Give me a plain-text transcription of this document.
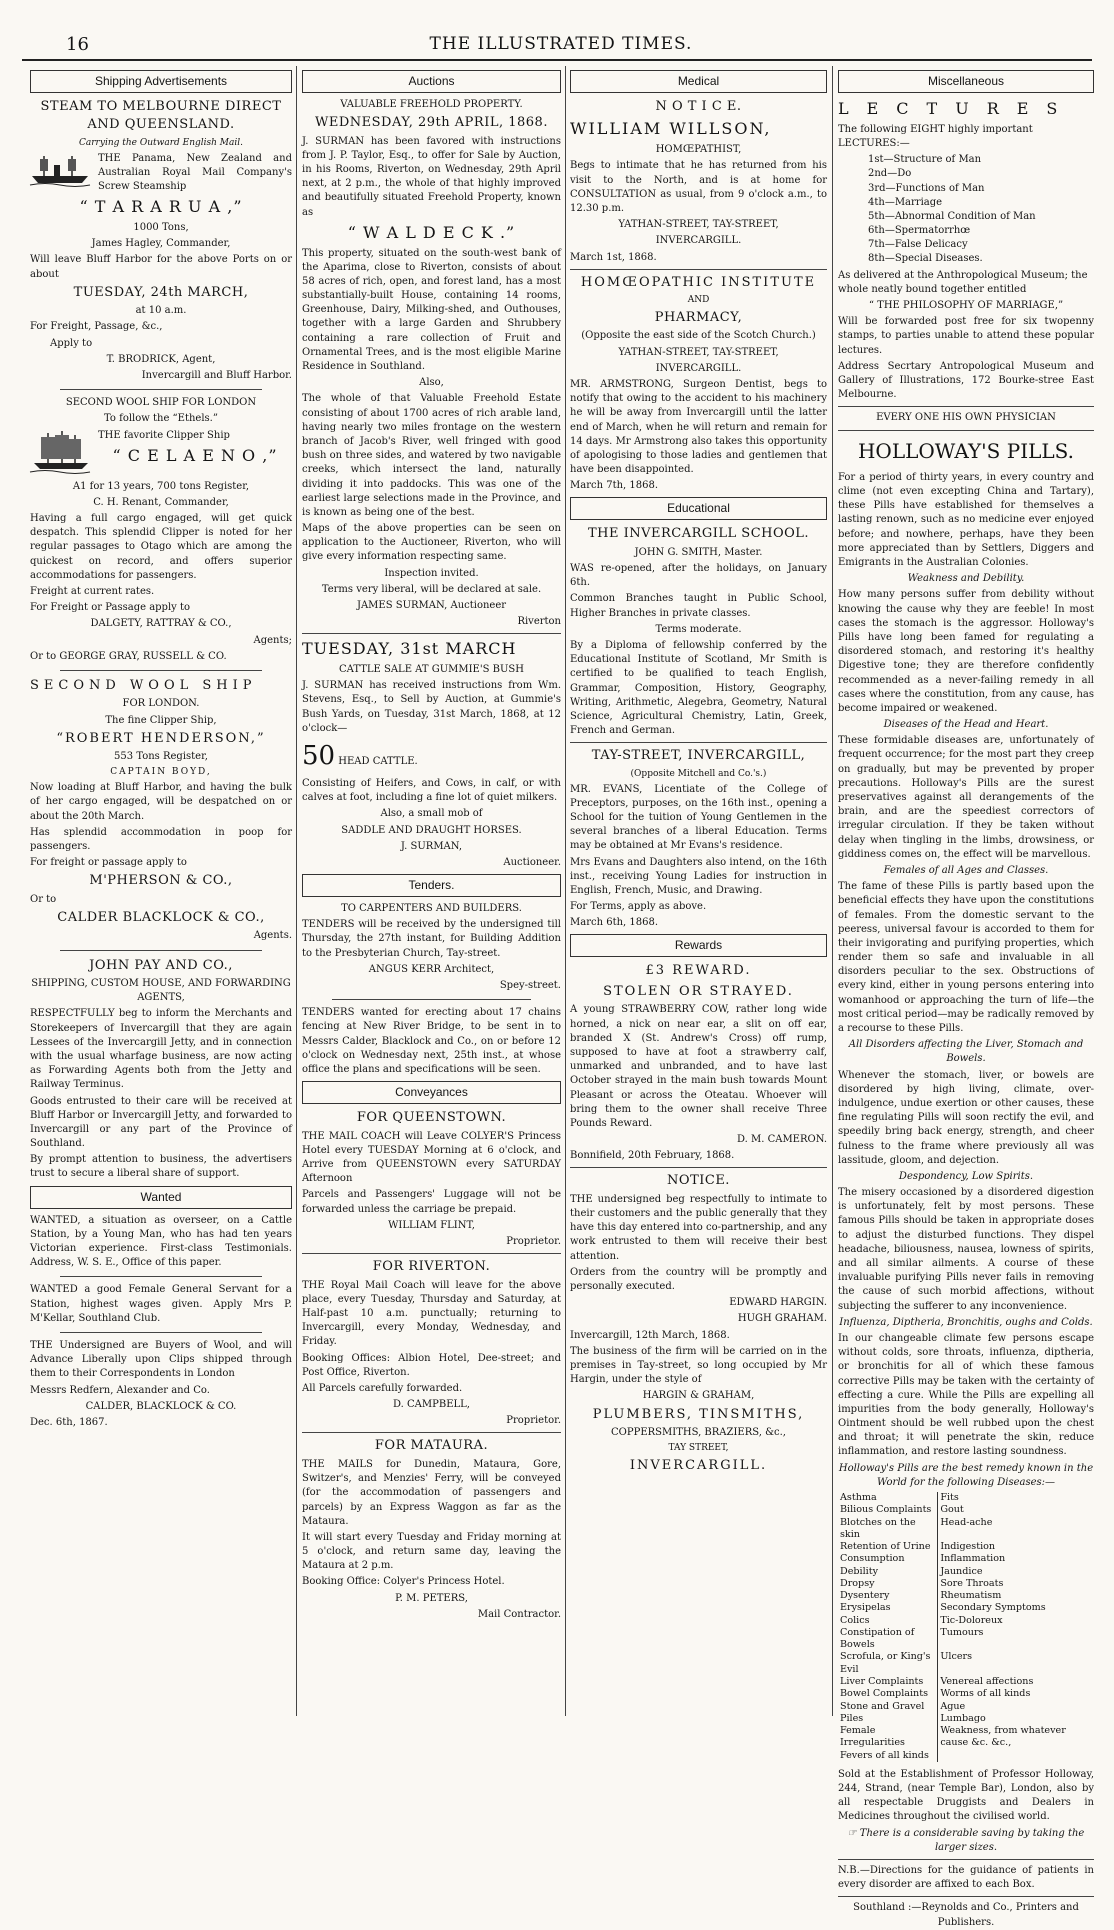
16	THE ILLUSTRATED TIMES.
Shipping Advertisements

STEAM TO MELBOURNE DIRECT AND QUEENSLAND.

Carrying the Outward English Mail.

THE Panama, New Zealand and Australian Royal Mail Company's Screw Steamship

“ T A R A R U A ,”

1000 Tons,

James Hagley, Commander,

Will leave Bluff Harbor for the above Ports on or about

TUESDAY, 24th MARCH,

at 10 a.m.

For Freight, Passage, &c.,

Apply to

T. BRODRICK, Agent,

Invercargill and Bluff Harbor.

SECOND WOOL SHIP FOR LONDON

To follow the “Ethels.”

THE favorite Clipper Ship

“ C E L A E N O ,”

A1 for 13 years, 700 tons Register,

C. H. Renant, Commander,

Having a full cargo engaged, will get quick despatch. This splendid Clipper is noted for her regular passages to Otago which are among the quickest on record, and offers superior accommodations for passengers.

Freight at current rates.

For Freight or Passage apply to

DALGETY, RATTRAY & CO.,

Agents;

Or to GEORGE GRAY, RUSSELL & CO.

SECOND WOOL SHIP

FOR LONDON.

The fine Clipper Ship,

“ROBERT HENDERSON,”

553 Tons Register,

CAPTAIN BOYD,

Now loading at Bluff Harbor, and having the bulk of her cargo engaged, will be despatched on or about the 20th March.

Has splendid accommodation in poop for passengers.

For freight or passage apply to

M'PHERSON & CO.,

Or to

CALDER BLACKLOCK & CO.,

Agents.

JOHN PAY AND CO.,

SHIPPING, CUSTOM HOUSE, AND FORWARDING AGENTS,

RESPECTFULLY beg to inform the Merchants and Storekeepers of Invercargill that they are again Lessees of the Invercargill Jetty, and in connection with the usual wharfage business, are now acting as Forwarding Agents both from the Jetty and Railway Terminus.

Goods entrusted to their care will be received at Bluff Harbor or Invercargill Jetty, and forwarded to Invercargill or any part of the Province of Southland.

By prompt attention to business, the advertisers trust to secure a liberal share of support.

Wanted

WANTED, a situation as overseer, on a Cattle Station, by a Young Man, who has had ten years Victorian experience. First-class Testimonials. Address, W. S. E., Office of this paper.

WANTED a good Female General Servant for a Station, highest wages given. Apply Mrs P. M'Kellar, Southland Club.

THE Undersigned are Buyers of Wool, and will Advance Liberally upon Clips shipped through them to their Correspondents in London

Messrs Redfern, Alexander and Co.

CALDER, BLACKLOCK & CO.

Dec. 6th, 1867.

Auctions

VALUABLE FREEHOLD PROPERTY.

WEDNESDAY, 29th APRIL, 1868.

J. SURMAN has been favored with instructions from J. P. Taylor, Esq., to offer for Sale by Auction, in his Rooms, Riverton, on Wednesday, 29th April next, at 2 p.m., the whole of that highly improved and beautifully situated Freehold Property, known as

“ W A L D E C K .”

This property, situated on the south-west bank of the Aparima, close to Riverton, consists of about 58 acres of rich, open, and forest land, has a most substantially-built House, containing 14 rooms, Greenhouse, Dairy, Milking-shed, and Outhouses, together with a large Garden and Shrubbery containing a rare collection of Fruit and Ornamental Trees, and is the most eligible Marine Residence in Southland.

Also,

The whole of that Valuable Freehold Estate consisting of about 1700 acres of rich arable land, having nearly two miles frontage on the western branch of Jacob's River, well fringed with good bush on three sides, and watered by two navigable creeks, which intersect the land, naturally dividing it into paddocks. This was one of the earliest large selections made in the Province, and is known as being one of the best.

Maps of the above properties can be seen on application to the Auctioneer, Riverton, who will give every information respecting same.

Inspection invited.

Terms very liberal, will be declared at sale.

JAMES SURMAN, Auctioneer

Riverton

TUESDAY, 31st MARCH

CATTLE SALE AT GUMMIE'S BUSH

J. SURMAN has received instructions from Wm. Stevens, Esq., to Sell by Auction, at Gummie's Bush Yards, on Tuesday, 31st March, 1868, at 12 o'clock—

50 HEAD CATTLE.

Consisting of Heifers, and Cows, in calf, or with calves at foot, including a fine lot of quiet milkers.

Also, a small mob of

SADDLE AND DRAUGHT HORSES.

J. SURMAN,

Auctioneer.

Tenders.

TO CARPENTERS AND BUILDERS.

TENDERS will be received by the undersigned till Thursday, the 27th instant, for Building Addition to the Presbyterian Church, Tay-street.

ANGUS KERR Architect,

Spey-street.

TENDERS wanted for erecting about 17 chains fencing at New River Bridge, to be sent in to Messrs Calder, Blacklock and Co., on or before 12 o'clock on Wednesday next, 25th inst., at whose office the plans and specifications will be seen.

Conveyances

FOR QUEENSTOWN.

THE MAIL COACH will Leave COLYER'S Princess Hotel every TUESDAY Morning at 6 o'clock, and Arrive from QUEENSTOWN every SATURDAY Afternoon

Parcels and Passengers' Luggage will not be forwarded unless the carriage be prepaid.

WILLIAM FLINT,

Proprietor.

FOR RIVERTON.

THE Royal Mail Coach will leave for the above place, every Tuesday, Thursday and Saturday, at Half-past 10 a.m. punctually; returning to Invercargill, every Monday, Wednesday, and Friday.

Booking Offices: Albion Hotel, Dee-street; and Post Office, Riverton.

All Parcels carefully forwarded.

D. CAMPBELL,

Proprietor.

FOR MATAURA.

THE MAILS for Dunedin, Mataura, Gore, Switzer's, and Menzies' Ferry, will be conveyed (for the accommodation of passengers and parcels) by an Express Waggon as far as the Mataura.

It will start every Tuesday and Friday morning at 5 o'clock, and return same day, leaving the Mataura at 2 p.m.

Booking Office: Colyer's Princess Hotel.

P. M. PETERS,

Mail Contractor.

Medical

N O T I C E.

WILLIAM WILLSON,

HOMŒPATHIST,

Begs to intimate that he has returned from his visit to the North, and is at home for CONSULTATION as usual, from 9 o'clock a.m., to 12.30 p.m.

YATHAN-STREET, TAY-STREET,

INVERCARGILL.

March 1st, 1868.

HOMŒOPATHIC INSTITUTE

AND

PHARMACY,

(Opposite the east side of the Scotch Church.)

YATHAN-STREET, TAY-STREET,

INVERCARGILL.

MR. ARMSTRONG, Surgeon Dentist, begs to notify that owing to the accident to his machinery he will be away from Invercargill until the latter end of March, when he will return and remain for 14 days. Mr Armstrong also takes this opportunity of apologising to those ladies and gentlemen that have been disappointed.

March 7th, 1868.

Educational

THE INVERCARGILL SCHOOL.

JOHN G. SMITH, Master.

WAS re-opened, after the holidays, on January 6th.

Common Branches taught in Public School, Higher Branches in private classes.

Terms moderate.

By a Diploma of fellowship conferred by the Educational Institute of Scotland, Mr Smith is certified to be qualified to teach English, Grammar, Composition, History, Geography, Writing, Arithmetic, Alegebra, Geometry, Natural Science, Agricultural Chemistry, Latin, Greek, French and German.

TAY-STREET, INVERCARGILL,

(Opposite Mitchell and Co.'s.)

MR. EVANS, Licentiate of the College of Preceptors, purposes, on the 16th inst., opening a School for the tuition of Young Gentlemen in the several branches of a liberal Education. Terms may be obtained at Mr Evans's residence.

Mrs Evans and Daughters also intend, on the 16th inst., receiving Young Ladies for instruction in English, French, Music, and Drawing.

For Terms, apply as above.

March 6th, 1868.

Rewards

£3 REWARD.

STOLEN OR STRAYED.

A young STRAWBERRY COW, rather long wide horned, a nick on near ear, a slit on off ear, branded X (St. Andrew's Cross) off rump, supposed to have at foot a strawberry calf, unmarked and unbranded, and to have last October strayed in the main bush towards Mount Pleasant or across the Oteatau. Whoever will bring them to the owner shall receive Three Pounds Reward.

D. M. CAMERON.

Bonnifield, 20th February, 1868.

NOTICE.

THE undersigned beg respectfully to intimate to their customers and the public generally that they have this day entered into co-partnership, and any work entrusted to them will receive their best attention.

Orders from the country will be promptly and personally executed.

EDWARD HARGIN.

HUGH GRAHAM.

Invercargill, 12th March, 1868.

The business of the firm will be carried on in the premises in Tay-street, so long occupied by Mr Hargin, under the style of

HARGIN & GRAHAM,

PLUMBERS, TINSMITHS,

COPPERSMITHS, BRAZIERS, &c.,

TAY STREET,

INVERCARGILL.

Miscellaneous

LECTURES

The following EIGHT highly important LECTURES:—

1st—Structure of Man
2nd—Do
3rd—Functions of Man
4th—Marriage
5th—Abnormal Condition of Man
6th—Spermatorrhœ
7th—False Delicacy
8th—Special Diseases.

As delivered at the Anthropological Museum; the whole neatly bound together entitled

“ THE PHILOSOPHY OF MARRIAGE,”

Will be forwarded post free for six twopenny stamps, to parties unable to attend these popular lectures.

Address Secrtary Antropological Museum and Gallery of Illustrations, 172 Bourke-stree East Melbourne.

EVERY ONE HIS OWN PHYSICIAN

HOLLOWAY'S PILLS.

For a period of thirty years, in every country and clime (not even excepting China and Tartary), these Pills have established for themselves a lasting renown, such as no medicine ever enjoyed before; and nowhere, perhaps, have they been more appreciated than by Settlers, Diggers and Emigrants in the Australian Colonies.

Weakness and Debility.

How many persons suffer from debility without knowing the cause why they are feeble! In most cases the stomach is the aggressor. Holloway's Pills have long been famed for regulating a disordered stomach, and restoring it's healthy Digestive tone; they are therefore confidently recommended as a never-failing remedy in all cases where the constitution, from any cause, has become impaired or weakened.

Diseases of the Head and Heart.

These formidable diseases are, unfortunately of frequent occurrence; for the most part they creep on gradually, but may be prevented by proper precautions. Holloway's Pills are the surest preservatives against all derangements of the brain, and are the speediest correctors of irregular circulation. If they be taken without delay when tingling in the limbs, drowsiness, or giddiness comes on, the effect will be marvellous.

Females of all Ages and Classes.

The fame of these Pills is partly based upon the beneficial effects they have upon the constitutions of females. From the domestic servant to the peeress, universal favour is accorded to them for their invigorating and purifying properties, which render them so safe and invaluable in all disorders peculiar to the sex. Obstructions of every kind, either in young persons entering into womanhood or approaching the turn of life—the most critical period—may be radically removed by a recourse to these Pills.

All Disorders affecting the Liver, Stomach and Bowels.

Whenever the stomach, liver, or bowels are disordered by high living, climate, over-indulgence, undue exertion or other causes, these fine regulating Pills will soon rectify the evil, and speedily bring back energy, strength, and cheer fulness to the frame where previously all was lassitude, gloom, and dejection.

Despondency, Low Spirits.

The misery occasioned by a disordered digestion is unfortunately, felt by most persons. These famous Pills should be taken in appropriate doses to adjust the disturbed functions. They dispel headache, biliousness, nausea, lowness of spirits, and all similar ailments. A course of these invaluable purifying Pills never fails in removing the cause of such morbid affections, without subjecting the sufferer to any inconvenience.

Influenza, Diptheria, Bronchitis, oughs and Colds.

In our changeable climate few persons escape without colds, sore throats, influenza, diptheria, or bronchitis for all of which these famous corrective Pills may be taken with the certainty of effecting a cure. While the Pills are expelling all impurities from the body generally, Holloway's Ointment should be well rubbed upon the chest and throat; it will penetrate the skin, reduce inflammation, and restore lasting soundness.

Holloway's Pills are the best remedy known in the World for the following Diseases:—

Asthma	Fits
Bilious Complaints	Gout
Blotches on the skin	Head-ache
Retention of Urine	Indigestion
Consumption	Inflammation
Debility	Jaundice
Dropsy	Sore Throats
Dysentery	Rheumatism
Erysipelas	Secondary Symptoms
Colics	Tic-Doloreux
Constipation of Bowels	Tumours
Scrofula, or King's Evil	Ulcers
Liver Complaints	Venereal affections
Bowel Complaints	Worms of all kinds
Stone and Gravel	Ague
Piles	Lumbago
Female Irregularities	Weakness, from whatever cause &c. &c.,
Fevers of all kinds	

Sold at the Establishment of Professor Holloway, 244, Strand, (near Temple Bar), London, also by all respectable Druggists and Dealers in Medicines throughout the civilised world.

☞ There is a considerable saving by taking the larger sizes.

N.B.—Directions for the guidance of patients in every disorder are affixed to each Box.

Southland :—Reynolds and Co., Printers and Publishers.
